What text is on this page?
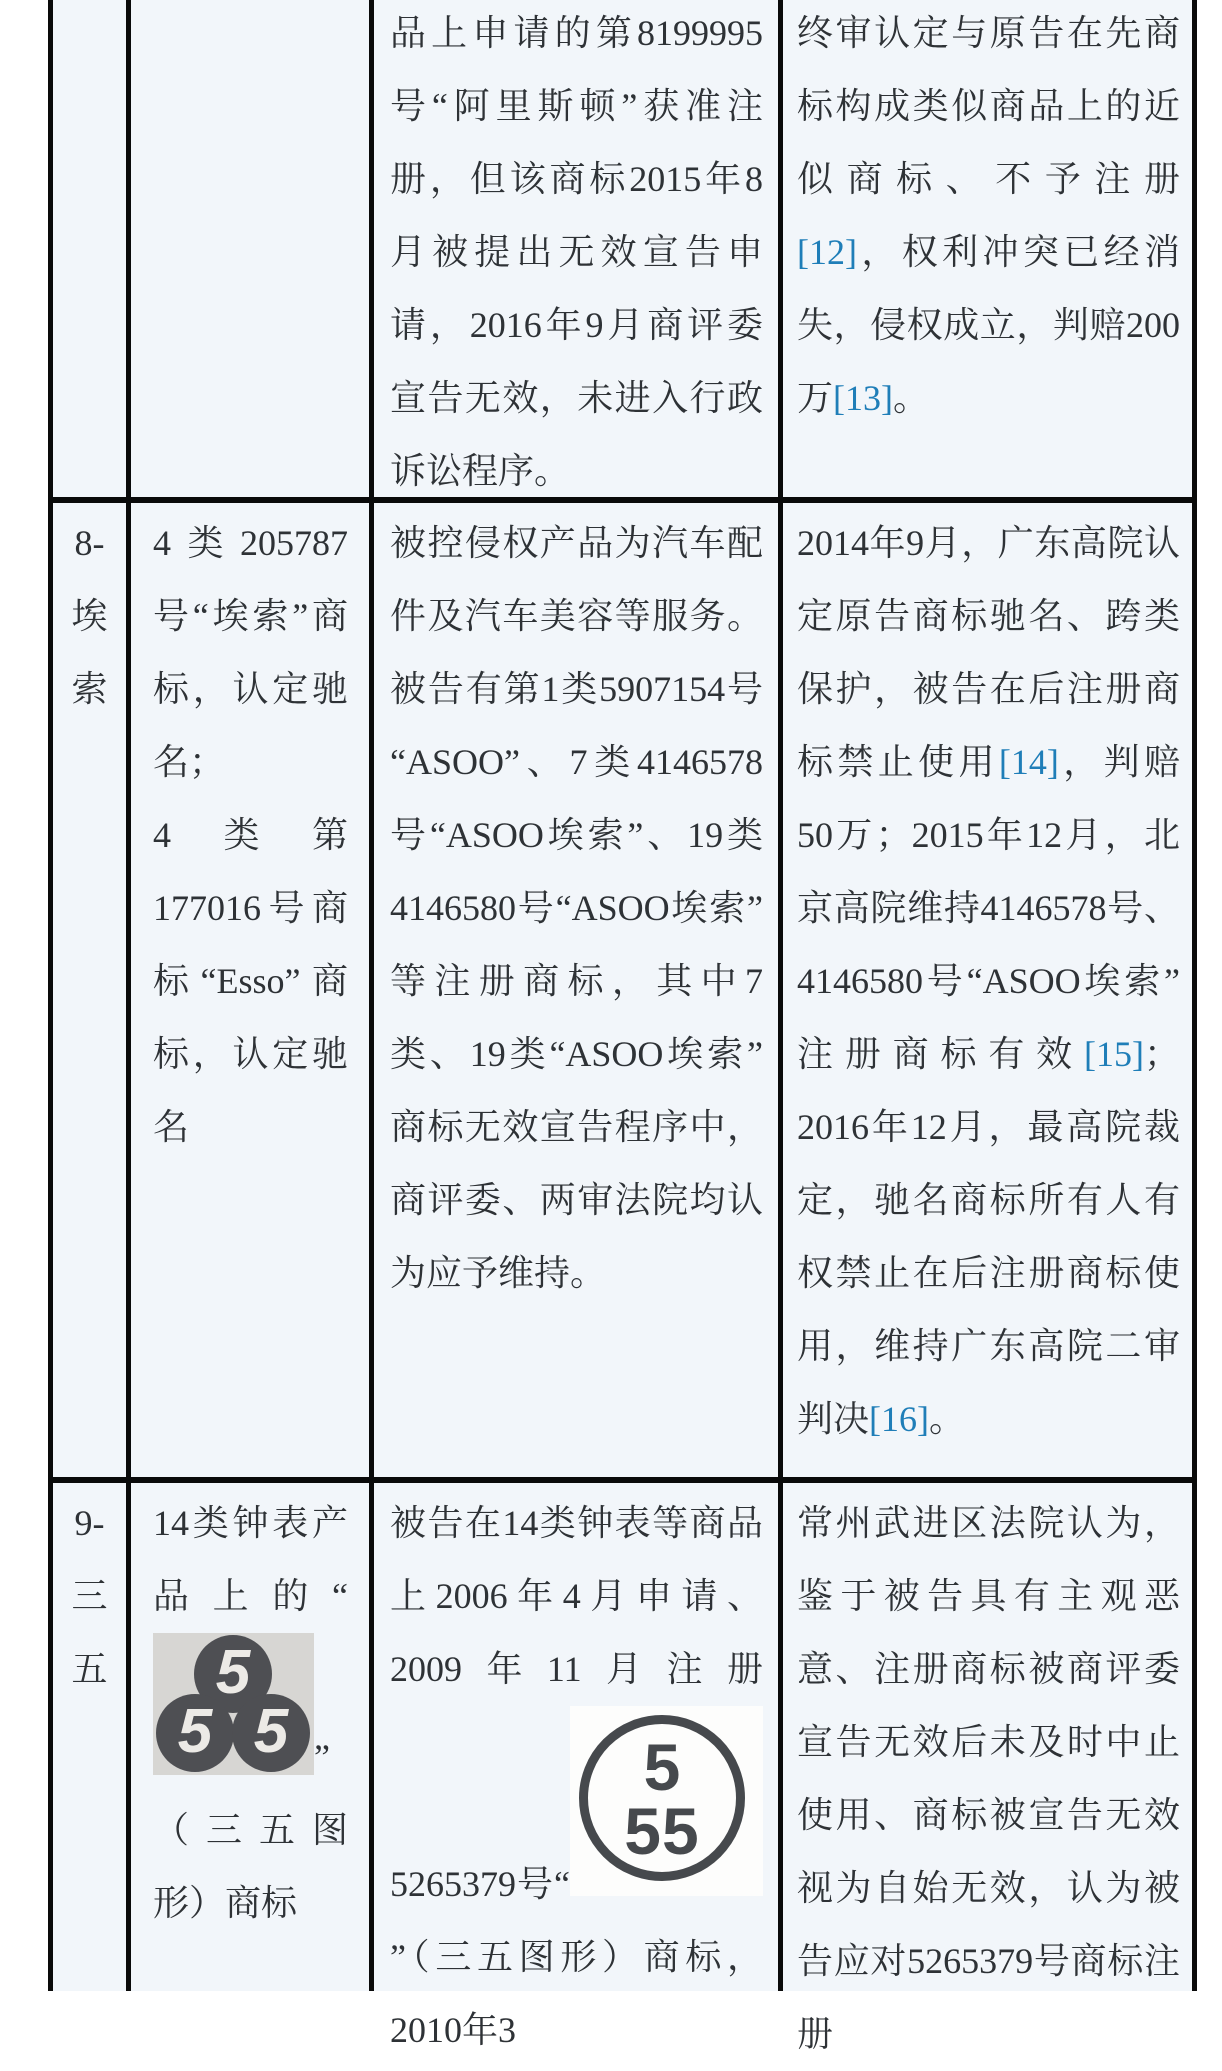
品上申请的第8199995号“阿里斯顿”获准注册，但该商标2015年8月被提出无效宣告申请，2016年9月商评委宣告无效，未进入行政诉讼程序。

终审认定与原告在先商标构成类似商品上的近似商标、不予注册[12]，权利冲突已经消失，侵权成立，判赔200万[13]。

8-
埃
索

4类205787号“埃索”商标，认定驰名；
4类第177016号商标“Esso”商标，认定驰名

被控侵权产品为汽车配件及汽车美容等服务。被告有第1类5907154号“ASOO”、7类4146578号“ASOO埃索”、19类4146580号“ASOO埃索”等注册商标，其中7类、19类“ASOO埃索”商标无效宣告程序中，商评委、两审法院均认为应予维持。

2014年9月，广东高院认定原告商标驰名、跨类保护，被告在后注册商标禁止使用[14]，判赔50万；2015年12月，北京高院维持4146578号、4146580号“ASOO埃索”注册商标有效[15]；2016年12月，最高院裁定，驰名商标所有人有权禁止在后注册商标使用，维持广东高院二审判决[16]。

9-
三
五

14类钟表产品上的“
5
5 5 ”（三五图形）商标

被告在14类钟表等商品上2006年4月申请、2009年11月注册5265379号“
5
55
”（三五图形）商标，2010年3

常州武进区法院认为，鉴于被告具有主观恶意、注册商标被商评委宣告无效后未及时中止使用、商标被宣告无效视为自始无效，认为被告应对5265379号商标注册
